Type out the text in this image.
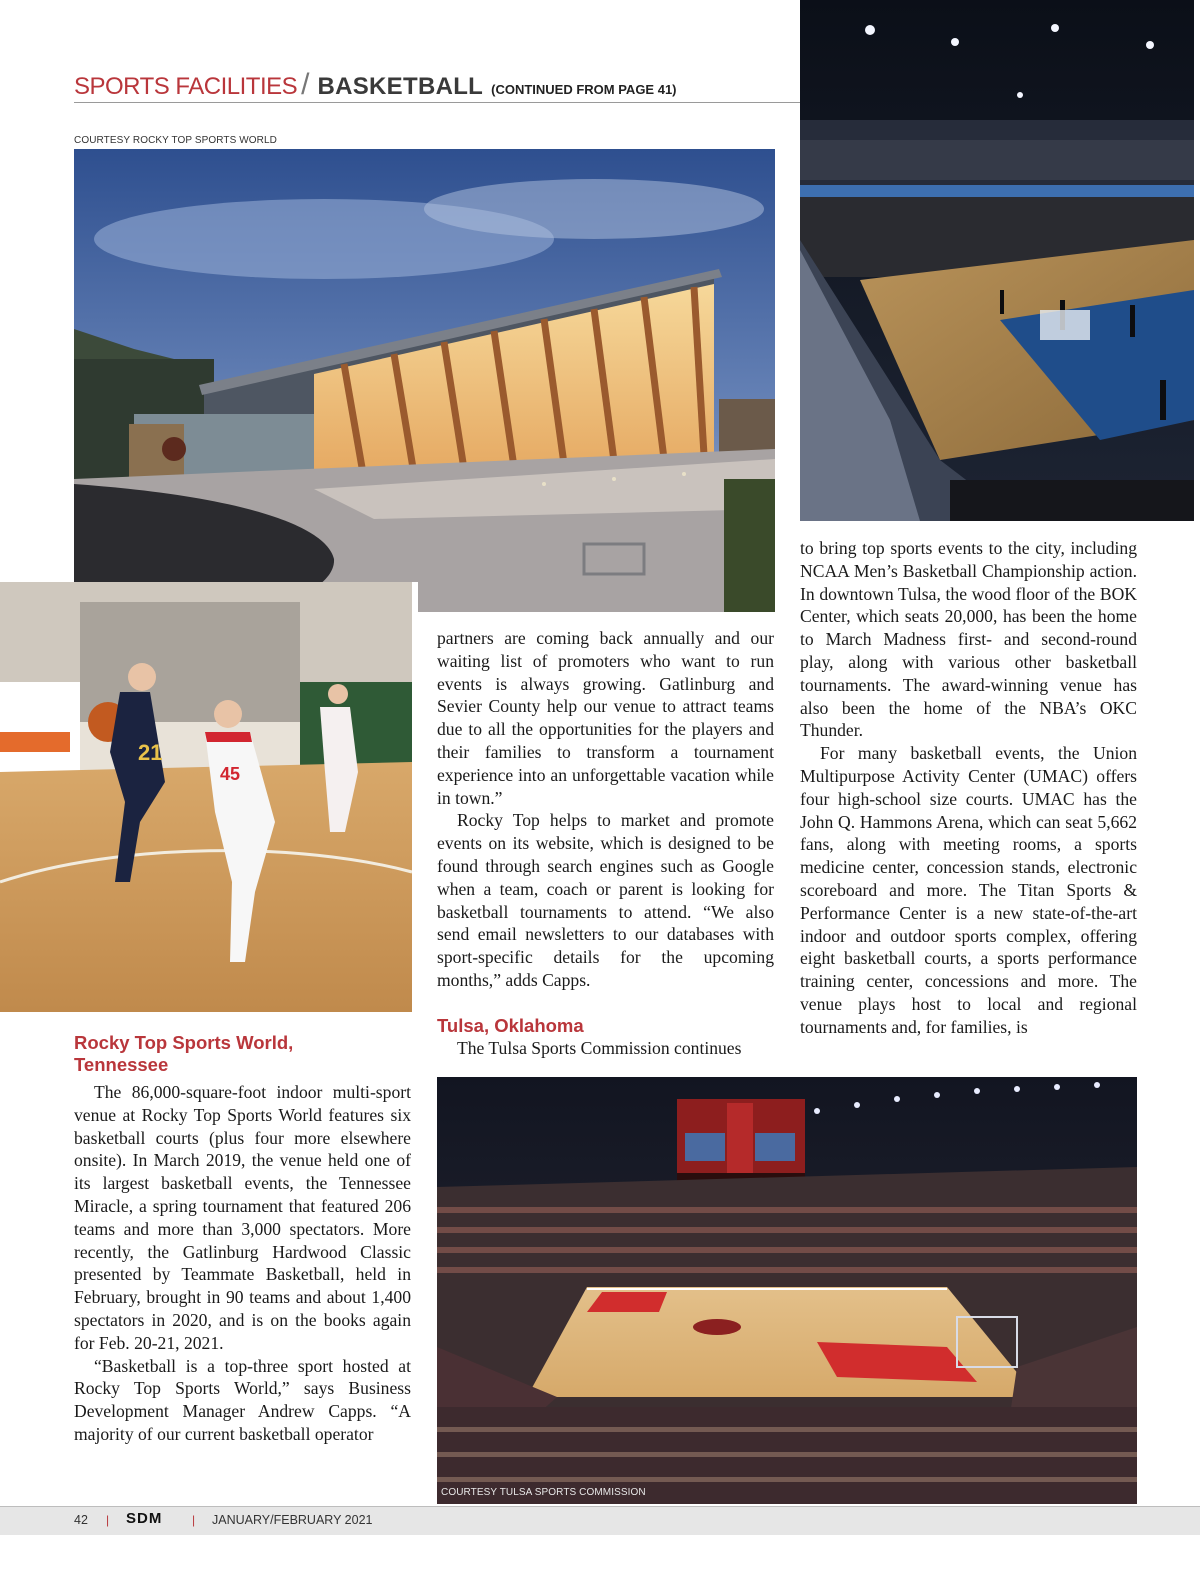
SPORTS FACILITIES / BASKETBALL (CONTINUED FROM PAGE 41)
COURTESY ROCKY TOP SPORTS WORLD
21
45
Rocky Top Sports World, Tennessee

The 86,000-square-foot indoor multi-sport venue at Rocky Top Sports World features six basketball courts (plus four more elsewhere onsite). In March 2019, the venue held one of its largest basketball events, the Tennessee Miracle, a spring tournament that featured 206 teams and more than 3,000 spectators. More recently, the Gatlinburg Hardwood Classic presented by Teammate Basketball, held in February, brought in 90 teams and about 1,400 spectators in 2020, and is on the books again for Feb. 20-21, 2021.

“Basketball is a top-three sport hosted at Rocky Top Sports World,” says Business Development Manager Andrew Capps. “A majority of our current basketball operator

partners are coming back annually and our waiting list of promoters who want to run events is always growing. Gatlinburg and Sevier County help our venue to attract teams due to all the opportunities for the players and their families to transform a tournament experience into an unforgettable vacation while in town.”

Rocky Top helps to market and promote events on its website, which is designed to be found through search engines such as Google when a team, coach or parent is looking for basketball tournaments to attend. “We also send email newsletters to our databases with sport-specific details for the upcoming months,” adds Capps.

Tulsa, Oklahoma

The Tulsa Sports Commission continues

to bring top sports events to the city, including NCAA Men’s Basketball Championship action. In downtown Tulsa, the wood floor of the BOK Center, which seats 20,000, has been the home to March Madness first- and second-round play, along with various other basketball tournaments. The award-winning venue has also been the home of the NBA’s OKC Thunder.

For many basketball events, the Union Multipurpose Activity Center (UMAC) offers four high-school size courts. UMAC has the John Q. Hammons Arena, which can seat 5,662 fans, along with meeting rooms, a sports medicine center, concession stands, electronic scoreboard and more. The Titan Sports & Performance Center is a new state-of-the-art indoor and outdoor sports complex, offering eight basketball courts, a sports performance training center, concessions and more. The venue plays host to local and regional tournaments and, for families, is

COURTESY TULSA SPORTS COMMISSION
42 | SDM | JANUARY/FEBRUARY 2021
